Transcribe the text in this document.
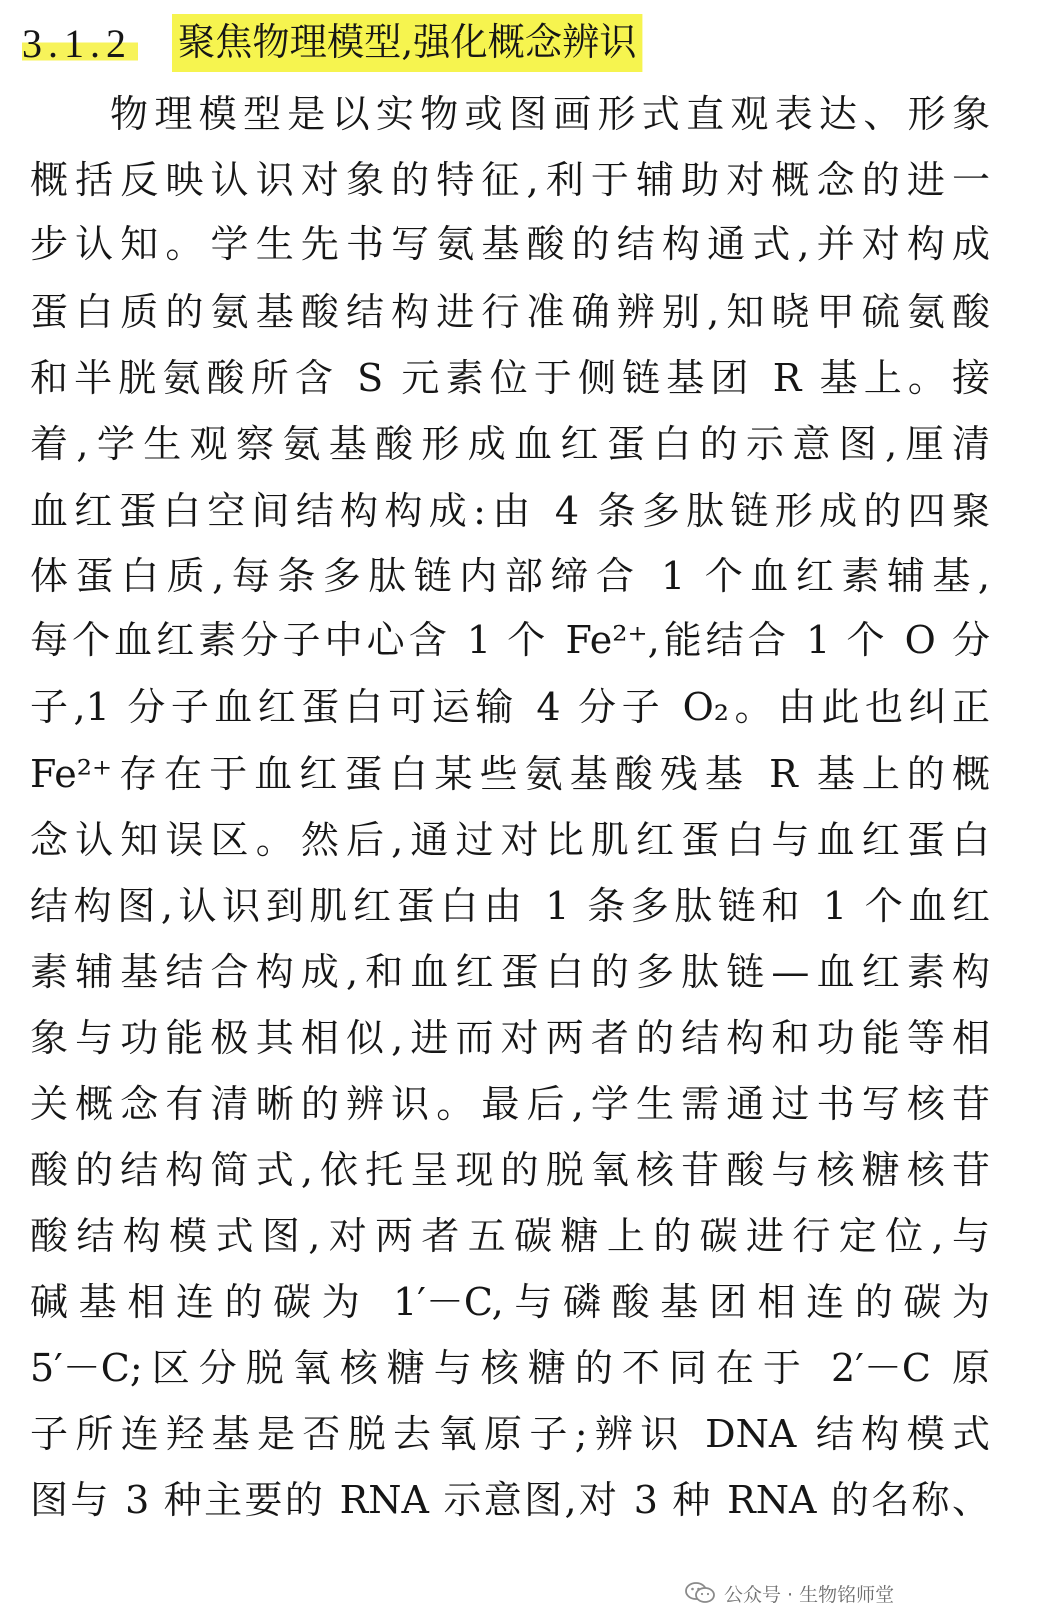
3.1.2 聚焦物理模型,强化概念辨识
物理模型是以实物或图画形式直观表达、形象
概括反映认识对象的特征,利于辅助对概念的进一
步认知。学生先书写氨基酸的结构通式,并对构成
蛋白质的氨基酸结构进行准确辨别,知晓甲硫氨酸
和半胱氨酸所含 S 元素位于侧链基团 R 基上。接
着,学生观察氨基酸形成血红蛋白的示意图,厘清
血红蛋白空间结构构成:由 4 条多肽链形成的四聚
体蛋白质,每条多肽链内部缔合 1 个血红素辅基,
每个血红素分子中心含 1 个 Fe²⁺,能结合 1 个 O 分
子,1 分子血红蛋白可运输 4 分子 O₂。由此也纠正
Fe²⁺存在于血红蛋白某些氨基酸残基 R 基上的概
念认知误区。然后,通过对比肌红蛋白与血红蛋白
结构图,认识到肌红蛋白由 1 条多肽链和 1 个血红
素辅基结合构成,和血红蛋白的多肽链—血红素构
象与功能极其相似,进而对两者的结构和功能等相
关概念有清晰的辨识。最后,学生需通过书写核苷
酸的结构简式,依托呈现的脱氧核苷酸与核糖核苷
酸结构模式图,对两者五碳糖上的碳进行定位,与
碱基相连的碳为 1′－C,与磷酸基团相连的碳为
5′－C;区分脱氧核糖与核糖的不同在于 2′－C 原
子所连羟基是否脱去氧原子;辨识 DNA 结构模式
图与 3 种主要的 RNA 示意图,对 3 种 RNA 的名称、
公众号 · 生物铭师堂
